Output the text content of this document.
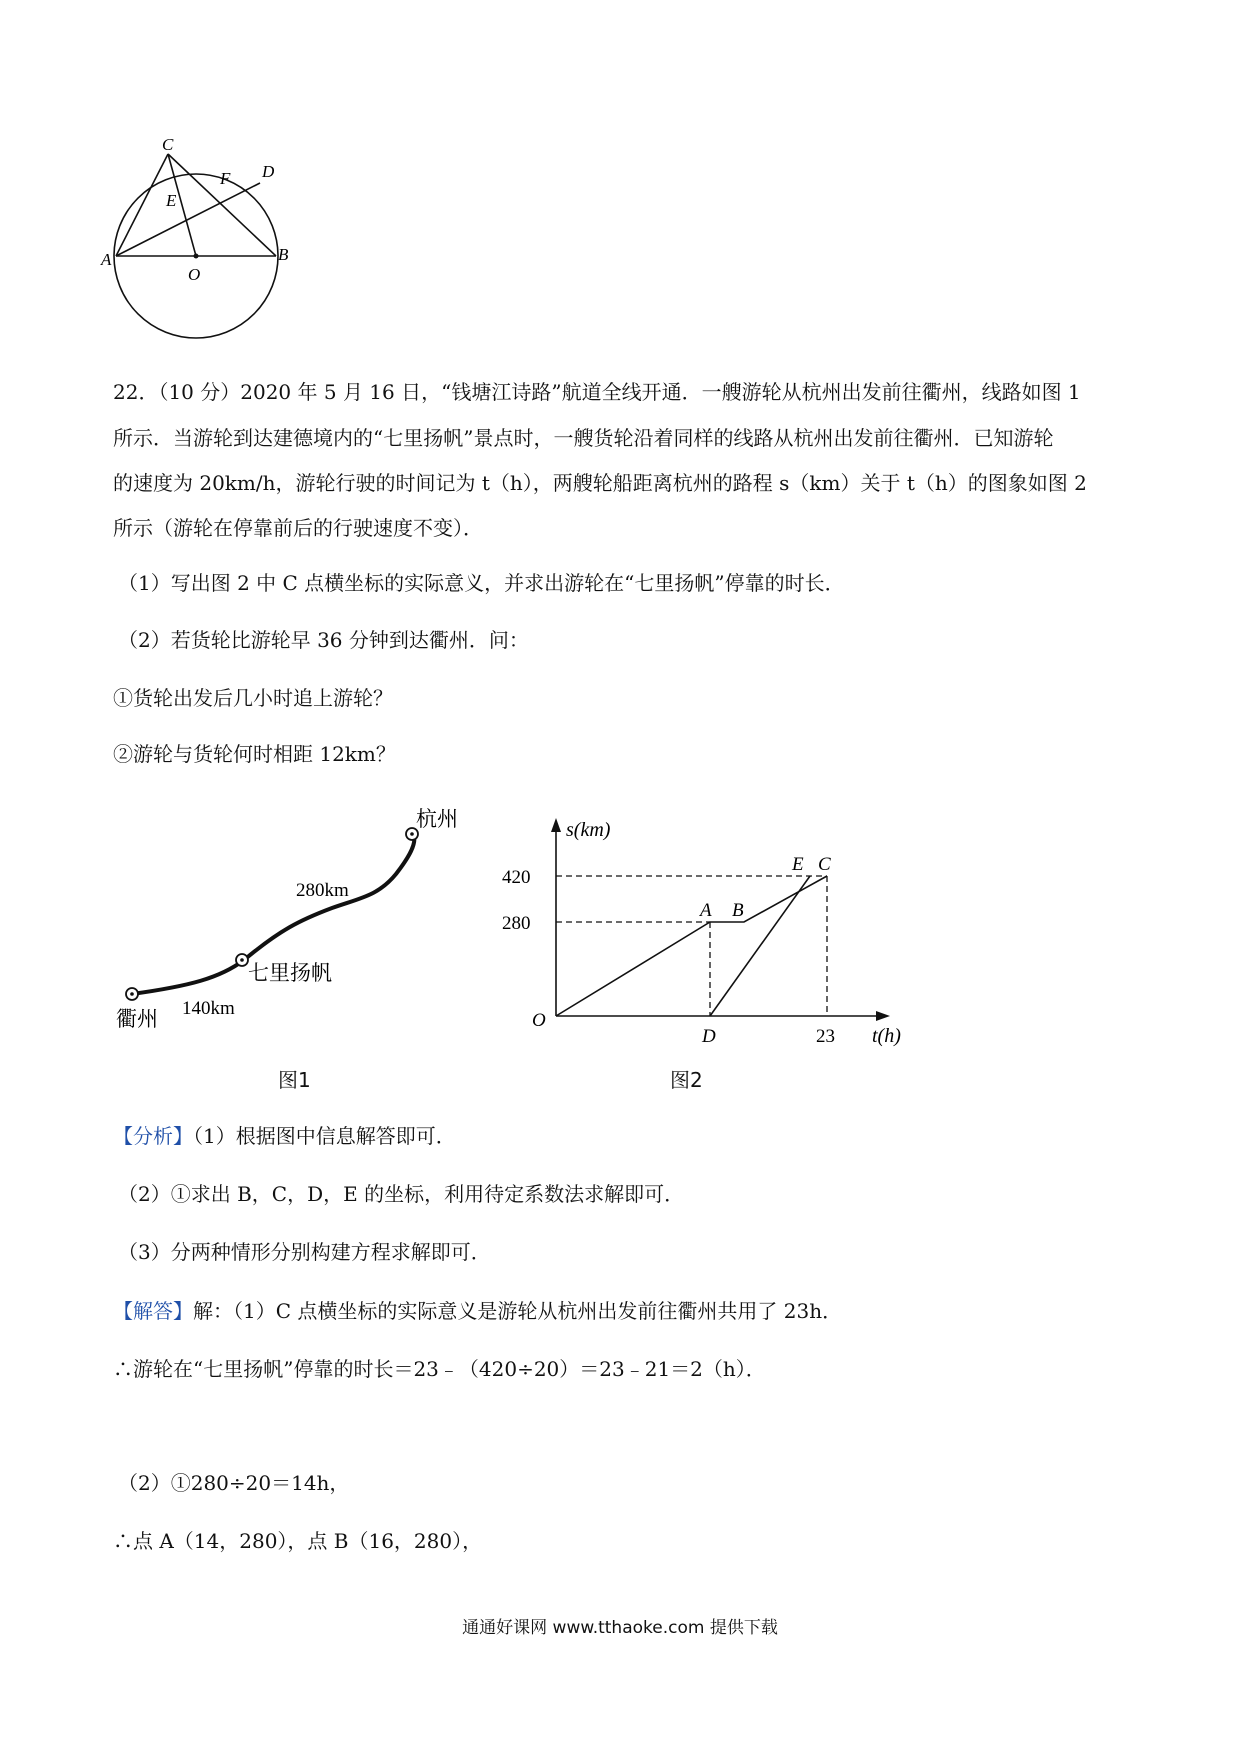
C
D
F
E
A
O
B
22．（10 分）2020 年 5 月 16 日，“钱塘江诗路”航道全线开通．一艘游轮从杭州出发前往衢州，线路如图 1
所示．当游轮到达建德境内的“七里扬帆”景点时，一艘货轮沿着同样的线路从杭州出发前往衢州．已知游轮
的速度为 20km/h，游轮行驶的时间记为 t（h），两艘轮船距离杭州的路程 s（km）关于 t（h）的图象如图 2
所示（游轮在停靠前后的行驶速度不变）．
（1）写出图 2 中 C 点横坐标的实际意义，并求出游轮在“七里扬帆”停靠的时长．
（2）若货轮比游轮早 36 分钟到达衢州．问：
①货轮出发后几小时追上游轮？
②游轮与货轮何时相距 12km？
杭州
七里扬帆
衢州
280km
140km
图1
s(km)
t(h)
O
420
280
23
A B
C
D
E
图2
【分析】（1）根据图中信息解答即可．
（2）①求出 B，C，D，E 的坐标，利用待定系数法求解即可．
（3）分两种情形分别构建方程求解即可．
【解答】解：（1）C 点横坐标的实际意义是游轮从杭州出发前往衢州共用了 23h．
∴游轮在“七里扬帆”停靠的时长＝23﹣（420÷20）＝23﹣21＝2（h）．
（2）①280÷20＝14h，
∴点 A（14，280），点 B（16，280），
通通好课网 www.tthaoke.com 提供下载
